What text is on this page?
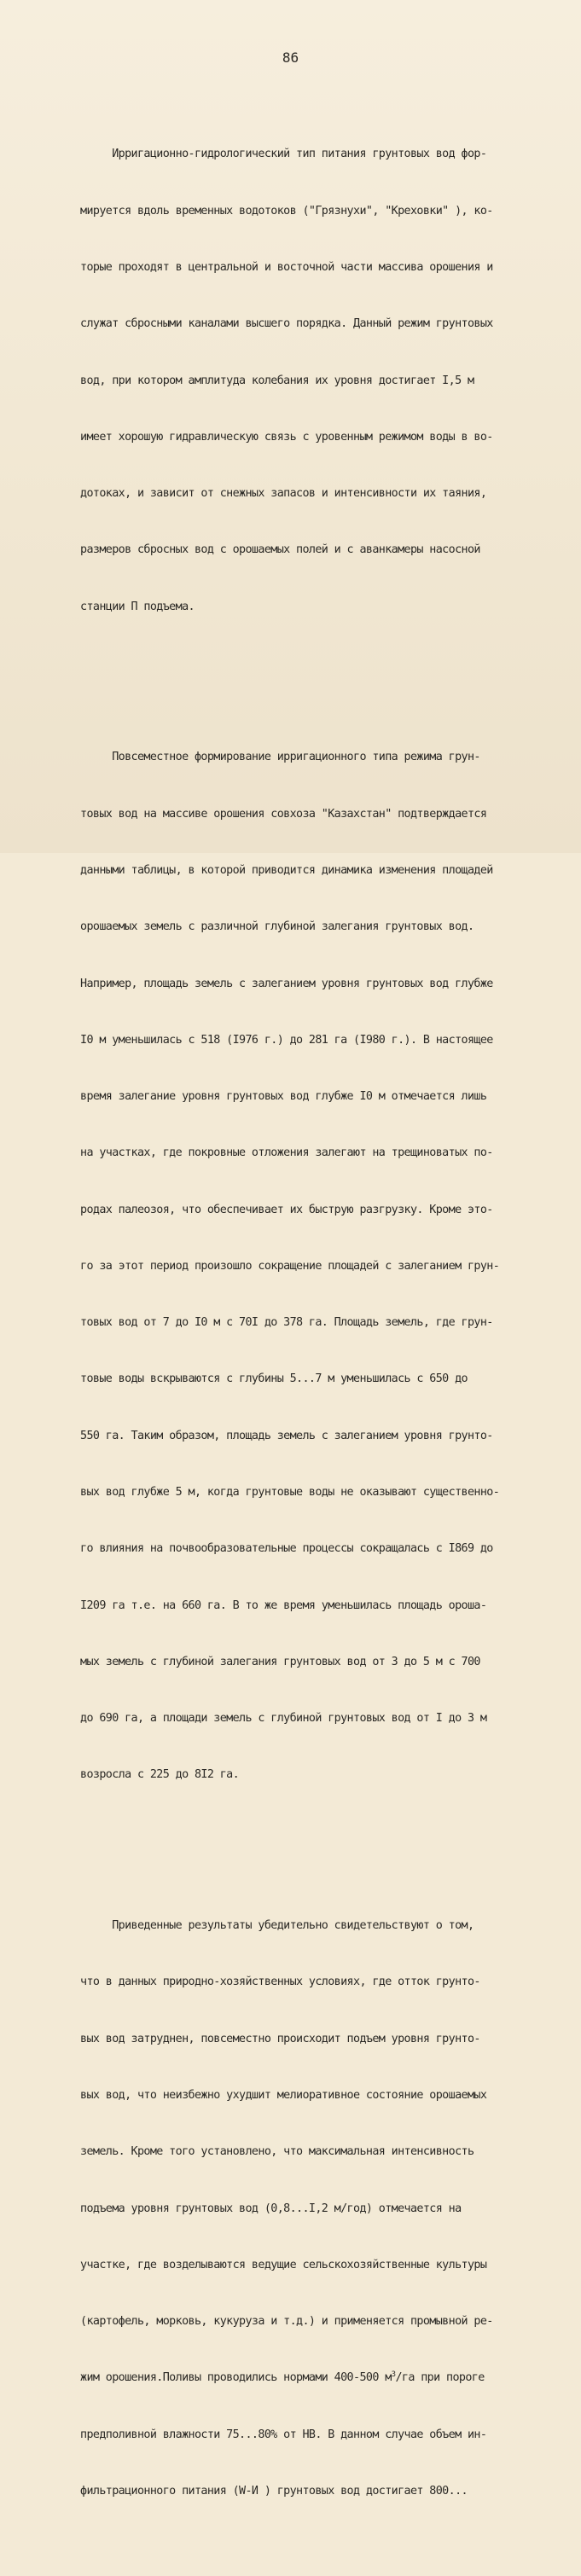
86

Ирригационно-гидрологический тип питания грунтовых вод фор-

мируется вдоль временных водотоков ("Грязнухи", "Креховки" ), ко-

торые проходят в центральной и восточной части массива орошения и

служат сбросными каналами высшего порядка. Данный режим грунтовых

вод, при котором амплитуда колебания их уровня достигает I,5 м

имеет хорошую гидравлическую связь с уровенным режимом воды в во-

дотоках, и зависит от снежных запасов и интенсивности их таяния,

размеров сбросных вод с орошаемых полей и с аванкамеры насосной

станции П подъема.

Повсеместное формирование ирригационного типа режима грун-

товых вод на массиве орошения совхоза "Казахстан" подтверждается

данными таблицы, в которой приводится динамика изменения площадей

орошаемых земель с различной глубиной залегания грунтовых вод.

Например, площадь земель с залеганием уровня грунтовых вод глубже

I0 м уменьшилась с 518 (I976 г.) до 281 га (I980 г.). В настоящее

время залегание уровня грунтовых вод глубже I0 м отмечается лишь

на участках, где покровные отложения залегают на трещиноватых по-

родах палеозоя, что обеспечивает их быструю разгрузку. Кроме это-

го за этот период произошло сокращение площадей с залеганием грун-

товых вод от 7 до I0 м с 70I до 378 га. Площадь земель, где грун-

товые воды вскрываются с глубины 5...7 м уменьшилась с 650 до

550 га. Таким образом, площадь земель с залеганием уровня грунто-

вых вод глубже 5 м, когда грунтовые воды не оказывают существенно-

го влияния на почвообразовательные процессы сокращалась с I869 до

I209 га т.е. на 660 га. В то же время уменьшилась площадь ороша-

мых земель с глубиной залегания грунтовых вод от 3 до 5 м с 700

до 690 га, а площади земель с глубиной грунтовых вод от I до 3 м

возросла с 225 до 8I2 га.

Приведенные результаты убедительно свидетельствуют о том,

что в данных природно-хозяйственных условиях, где отток грунто-

вых вод затруднен, повсеместно происходит подъем уровня грунто-

вых вод, что неизбежно ухудшит мелиоративное состояние орошаемых

земель. Кроме того установлено, что максимальная интенсивность

подъема уровня грунтовых вод (0,8...I,2 м/год) отмечается на

участке, где возделываются ведущие сельскохозяйственные культуры

(картофель, морковь, кукуруза и т.д.) и применяется промывной ре-

жим орошения.Поливы проводились нормами 400-500 $м^3/га$ при пороге

предполивной влажности 75...80% от НВ. В данном случае объем ин-

фильтрационного питания (W-И ) грунтовых вод достигает 800...
